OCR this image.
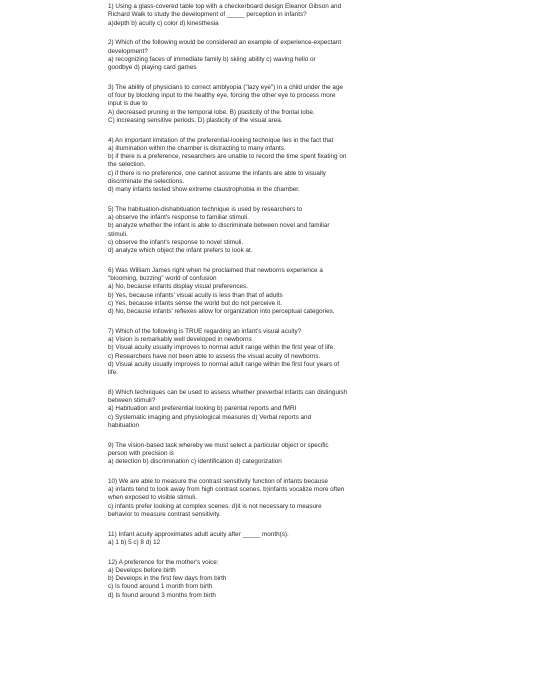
1) Using a glass-covered table top with a checkerboard design Eleanor Gibson and
Richard Walk to study the development of _____ perception in infants?
a)depth b) acuity c) color d) kinesthesia
2) Which of the following would be considered an example of experience-expectant
development?
a) recognizing faces of immediate family b) skiing ability c) waving hello or
goodbye d) playing card games
3) The ability of physicians to correct amblyopia ("lazy eye") in a child under the age
of four by blocking input to the healthy eye, forcing the other eye to process more
input is due to
A) decreased pruning in the temporal lobe. B) plasticity of the frontal lobe.
C) increasing sensitive periods. D) plasticity of the visual area.
4) An important limitation of the preferential-looking technique lies in the fact that
a) illumination within the chamber is distracting to many infants.
b) if there is a preference, researchers are unable to record the time spent fixating on
the selection.
c) if there is no preference, one cannot assume the infants are able to visually
discriminate the selections.
d) many infants tested show extreme claustrophobia in the chamber.
5) The habituation-dishabituation technique is used by researchers to
a) observe the infant's response to familiar stimuli.
b) analyze whether the infant is able to discriminate between novel and familiar
stimuli.
c) observe the infant's response to novel stimuli.
d) analyze which object the infant prefers to look at.
6) Was William James right when he proclaimed that newborns experience a
"blooming, buzzing" world of confusion
a) No, because infants display visual preferences.
b) Yes, because infants' visual acuity is less than that of adults
c) Yes, because infants sense the world but do not perceive it.
d) No, because infants' reflexes allow for organization into perceptual categories.
7) Which of the following is TRUE regarding an infant's visual acuity?
a) Vision is remarkably well developed in newborns
b) Visual acuity usually improves to normal adult range within the first year of life.
c) Researchers have not been able to assess the visual acuity of newborns.
d) Visual acuity usually improves to normal adult range within the first four years of
life.
8) Which techniques can be used to assess whether preverbal infants can distinguish
between stimuli?
a) Habituation and preferential looking b) parental reports and fMRI
c) Systematic imaging and physiological measures d) Verbal reports and
habituation
9) The vision-based task whereby we must select a particular object or specific
person with precision is
a) detection b) discrimination c) identification d) categorization
10) We are able to measure the contrast sensitivity function of infants because
a) infants tend to look away from high contrast scenes. b)infants vocalize more often
when exposed to visible stimuli.
c) infants prefer looking at complex scenes. d)it is not necessary to measure
behavior to measure contrast sensitivity.
11) Infant acuity approximates adult acuity after _____ month(s).
a) 1 b) 5 c) 8 d) 12
12) A preference for the mother's voice:
a) Develops before birth
b) Develops in the first few days from birth
c) Is found around 1 month from birth
d) Is found around 3 months from birth
